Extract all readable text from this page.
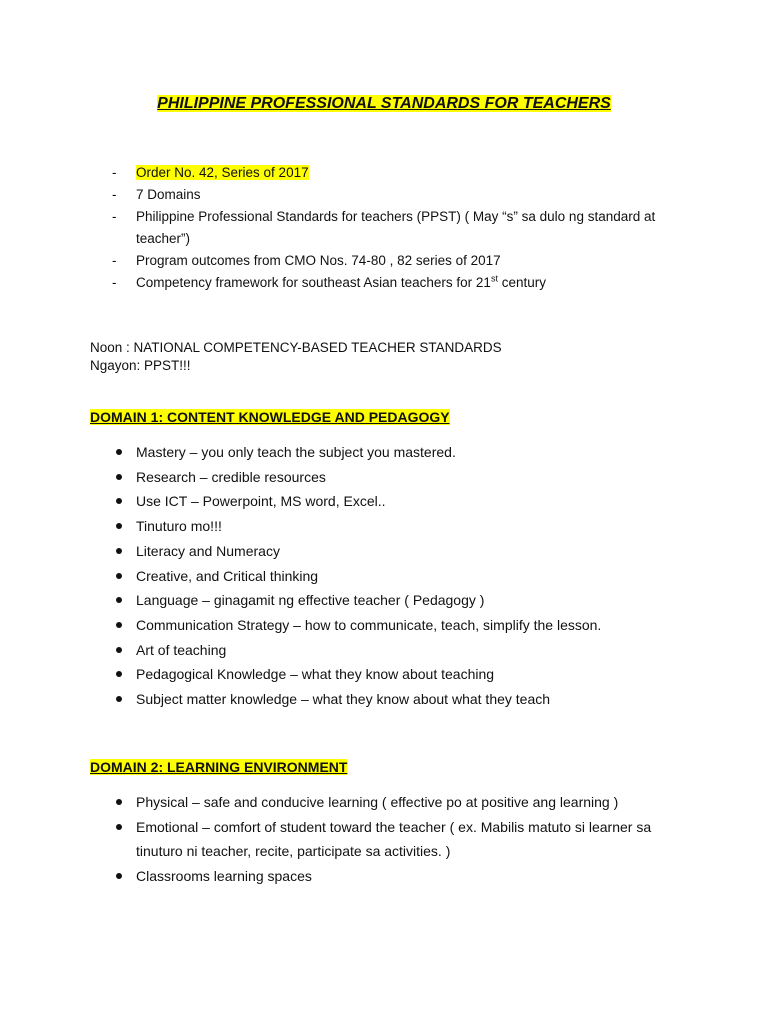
PHILIPPINE PROFESSIONAL STANDARDS FOR TEACHERS
- Order No. 42, Series of 2017
- 7 Domains
- Philippine Professional Standards for teachers (PPST) ( May “s” sa dulo ng standard at teacher”)
- Program outcomes from CMO Nos. 74-80 , 82 series of 2017
- Competency framework for southeast Asian teachers for 21st century
Noon : NATIONAL COMPETENCY-BASED TEACHER STANDARDS
Ngayon: PPST!!!
DOMAIN 1: CONTENT KNOWLEDGE AND PEDAGOGY
Mastery – you only teach the subject you mastered.
Research – credible resources
Use ICT – Powerpoint, MS word, Excel..
Tinuturo mo!!!
Literacy and Numeracy
Creative, and Critical thinking
Language – ginagamit ng effective teacher ( Pedagogy )
Communication Strategy – how to communicate, teach, simplify the lesson.
Art of teaching
Pedagogical Knowledge – what they know about teaching
Subject matter knowledge – what they know about what they teach
DOMAIN 2: LEARNING ENVIRONMENT
Physical – safe and conducive learning ( effective po at positive ang learning )
Emotional – comfort of student toward the teacher ( ex. Mabilis matuto si learner sa tinuturo ni teacher, recite, participate sa activities. )
Classrooms learning spaces
